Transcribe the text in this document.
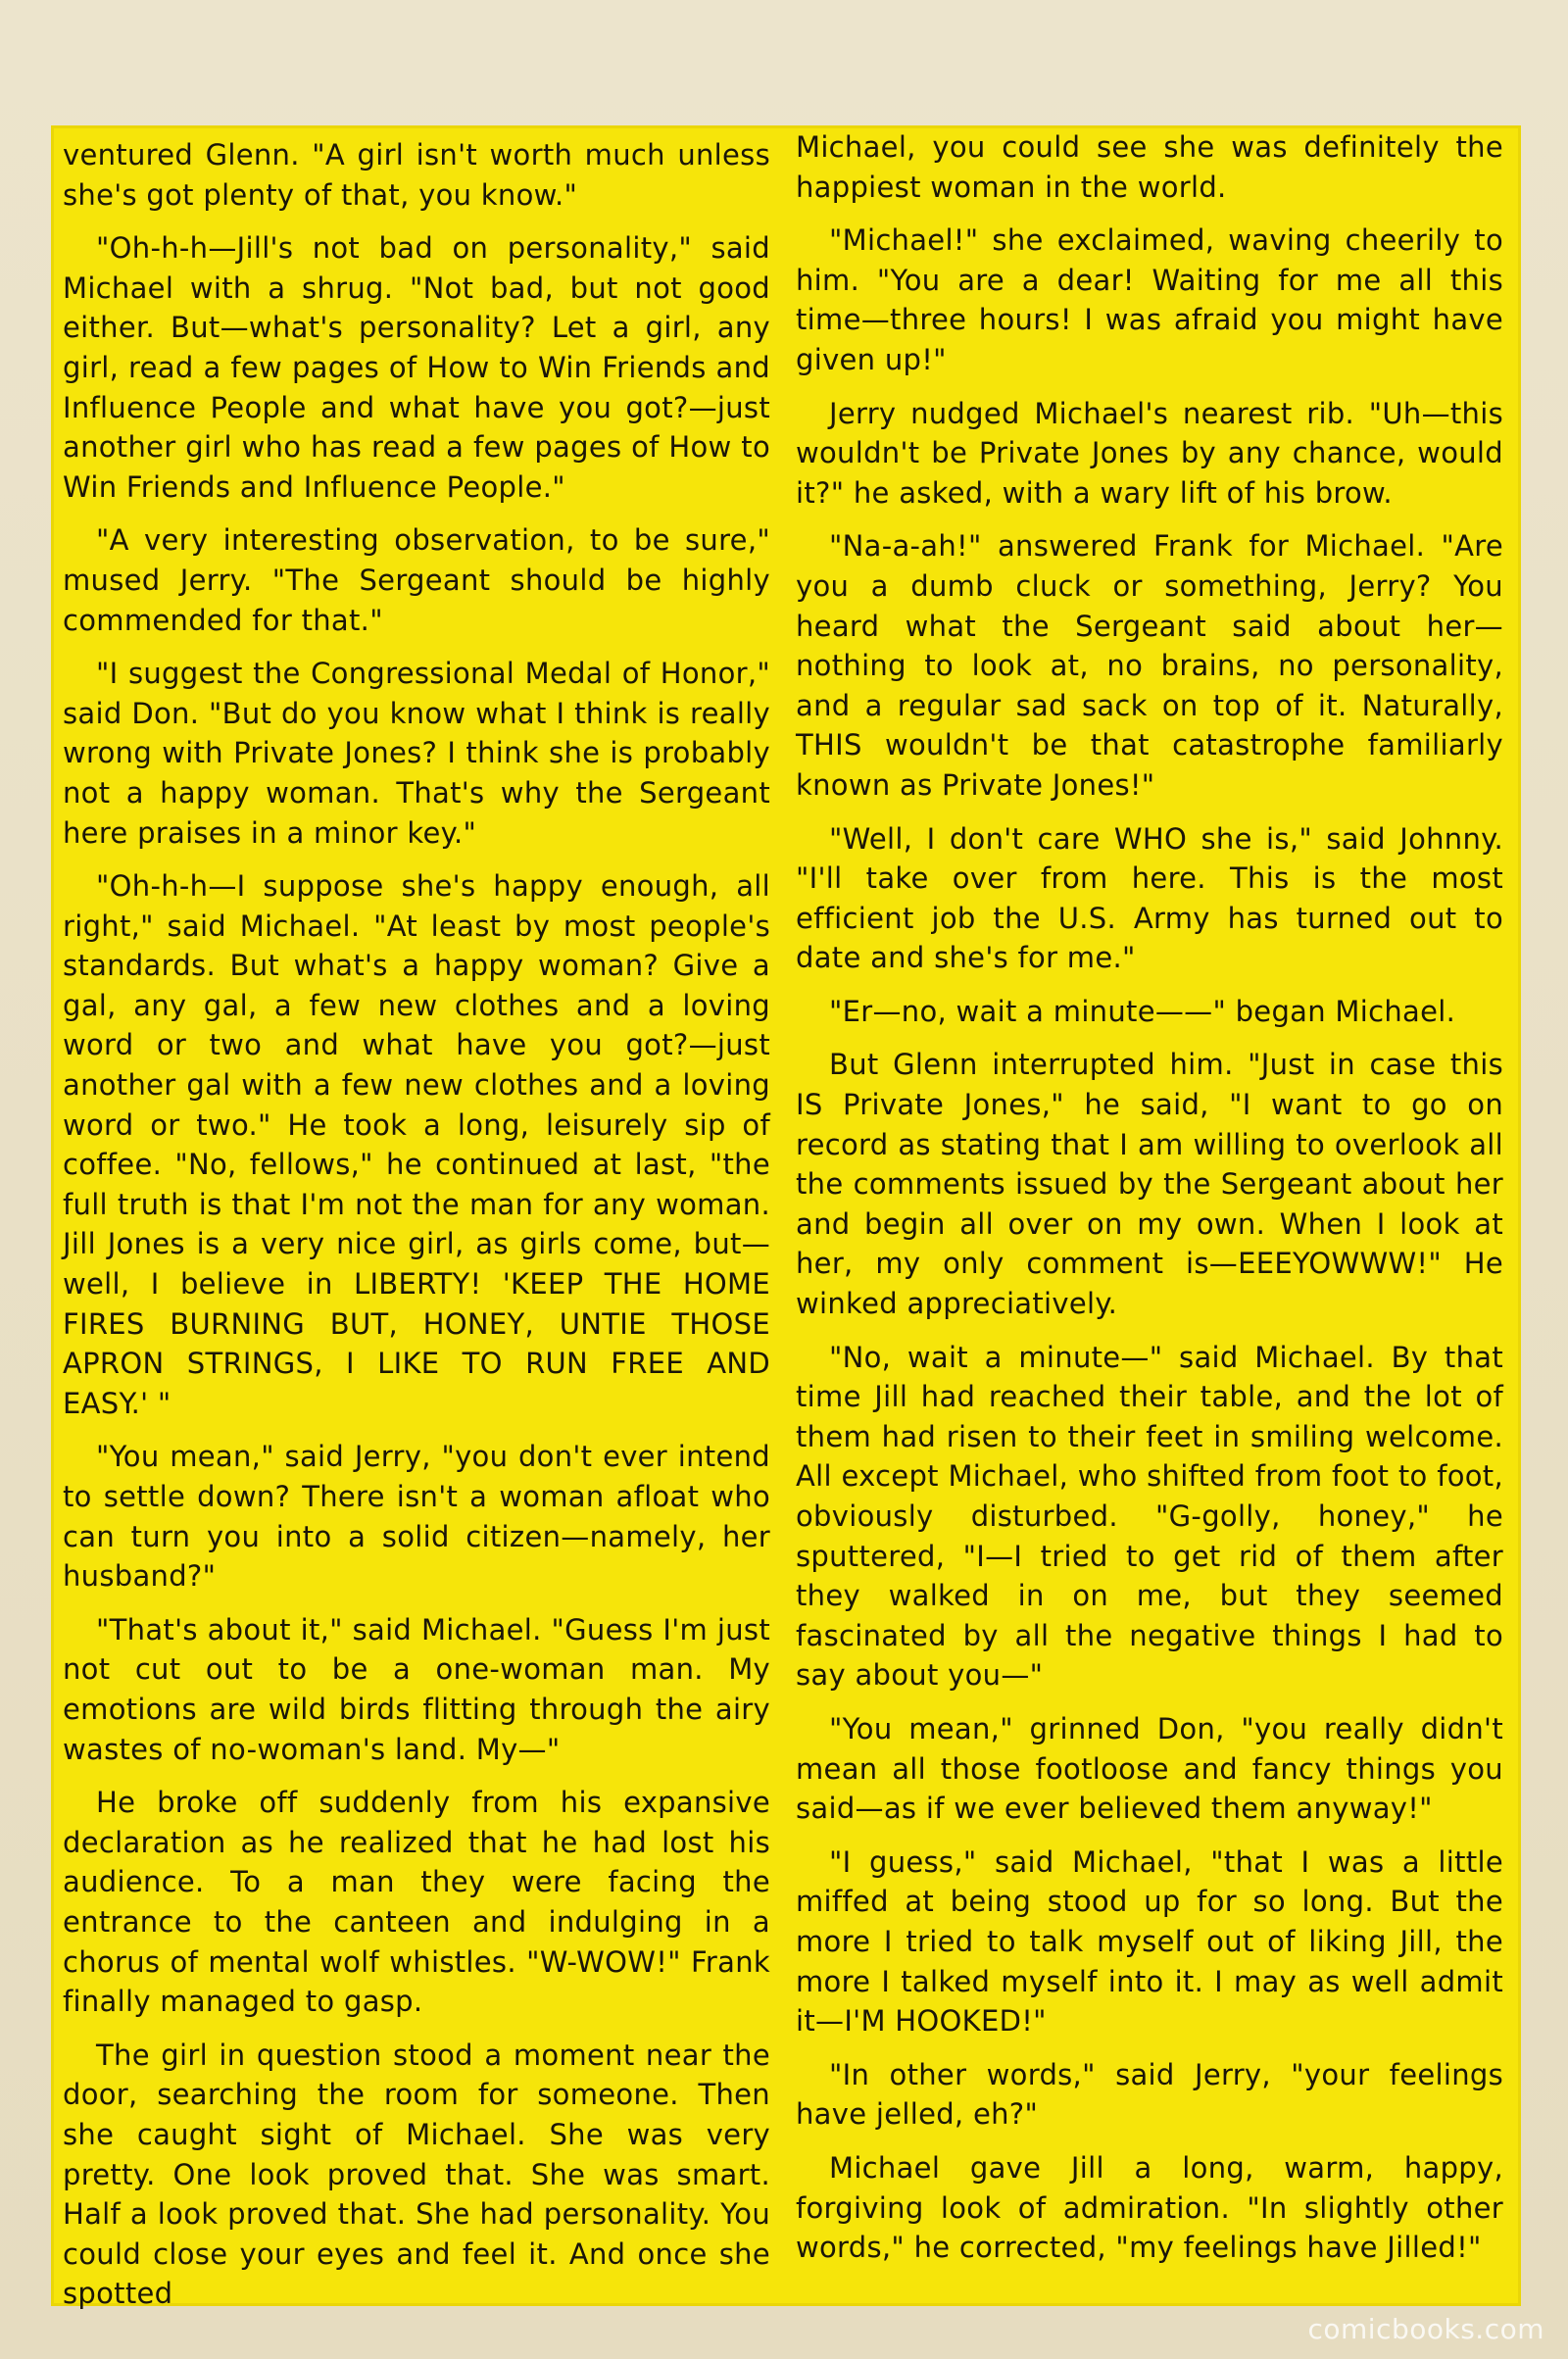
ventured Glenn. "A girl isn't worth much unless she's got plenty of that, you know."

"Oh-h-h—Jill's not bad on personality," said Michael with a shrug. "Not bad, but not good either. But—what's personality? Let a girl, any girl, read a few pages of How to Win Friends and Influence People and what have you got?—just another girl who has read a few pages of How to Win Friends and Influence People."

"A very interesting observation, to be sure," mused Jerry. "The Sergeant should be highly commended for that."

"I suggest the Congressional Medal of Honor," said Don. "But do you know what I think is really wrong with Private Jones? I think she is probably not a happy woman. That's why the Sergeant here praises in a minor key."

"Oh-h-h—I suppose she's happy enough, all right," said Michael. "At least by most people's standards. But what's a happy woman? Give a gal, any gal, a few new clothes and a loving word or two and what have you got?—just another gal with a few new clothes and a loving word or two." He took a long, leisurely sip of coffee. "No, fellows," he continued at last, "the full truth is that I'm not the man for any woman. Jill Jones is a very nice girl, as girls come, but—well, I believe in LIBERTY! 'KEEP THE HOME FIRES BURNING BUT, HONEY, UNTIE THOSE APRON STRINGS, I LIKE TO RUN FREE AND EASY.' "

"You mean," said Jerry, "you don't ever intend to settle down? There isn't a woman afloat who can turn you into a solid citizen—namely, her husband?"

"That's about it," said Michael. "Guess I'm just not cut out to be a one-woman man. My emotions are wild birds flitting through the airy wastes of no-woman's land. My—"

He broke off suddenly from his expansive declaration as he realized that he had lost his audience. To a man they were facing the entrance to the canteen and indulging in a chorus of mental wolf whistles. "W-WOW!" Frank finally managed to gasp.

The girl in question stood a moment near the door, searching the room for someone. Then she caught sight of Michael. She was very pretty. One look proved that. She was smart. Half a look proved that. She had personality. You could close your eyes and feel it. And once she spotted

Michael, you could see she was definitely the happiest woman in the world.

"Michael!" she exclaimed, waving cheerily to him. "You are a dear! Waiting for me all this time—three hours! I was afraid you might have given up!"

Jerry nudged Michael's nearest rib. "Uh—this wouldn't be Private Jones by any chance, would it?" he asked, with a wary lift of his brow.

"Na-a-ah!" answered Frank for Michael. "Are you a dumb cluck or something, Jerry? You heard what the Sergeant said about her—nothing to look at, no brains, no personality, and a regular sad sack on top of it. Naturally, THIS wouldn't be that catastrophe familiarly known as Private Jones!"

"Well, I don't care WHO she is," said Johnny. "I'll take over from here. This is the most efficient job the U.S. Army has turned out to date and she's for me."

"Er—no, wait a minute——" began Michael.

But Glenn interrupted him. "Just in case this IS Private Jones," he said, "I want to go on record as stating that I am willing to overlook all the comments issued by the Sergeant about her and begin all over on my own. When I look at her, my only comment is—EEEYOWWW!" He winked appreciatively.

"No, wait a minute—" said Michael. By that time Jill had reached their table, and the lot of them had risen to their feet in smiling welcome. All except Michael, who shifted from foot to foot, obviously disturbed. "G-golly, honey," he sputtered, "I—I tried to get rid of them after they walked in on me, but they seemed fascinated by all the negative things I had to say about you—"

"You mean," grinned Don, "you really didn't mean all those footloose and fancy things you said—as if we ever believed them anyway!"

"I guess," said Michael, "that I was a little miffed at being stood up for so long. But the more I tried to talk myself out of liking Jill, the more I talked myself into it. I may as well admit it—I'M HOOKED!"

"In other words," said Jerry, "your feelings have jelled, eh?"

Michael gave Jill a long, warm, happy, forgiving look of admiration. "In slightly other words," he corrected, "my feelings have Jilled!"

comicbooks.com
